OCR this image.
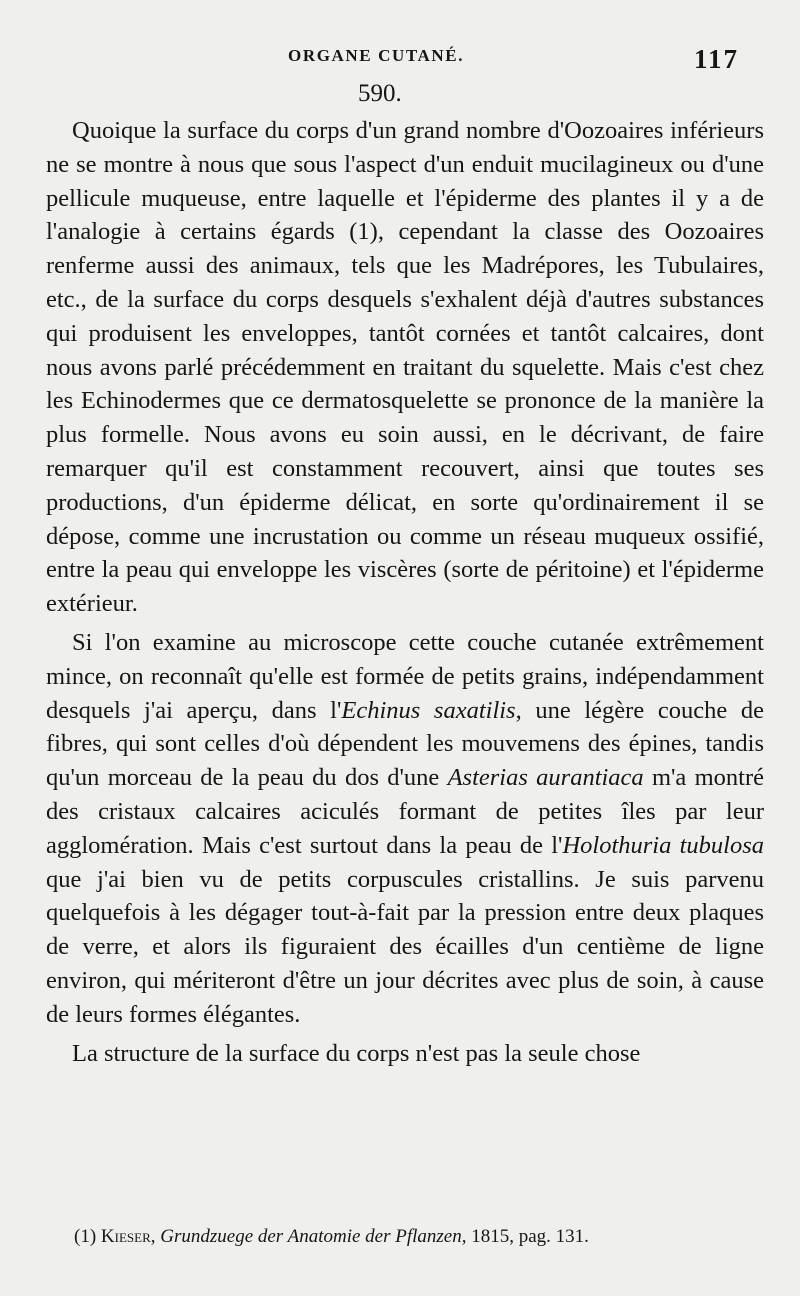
ORGANE CUTANÉ.	117
590.

Quoique la surface du corps d'un grand nombre d'Oozoaires inférieurs ne se montre à nous que sous l'aspect d'un enduit mucilagineux ou d'une pellicule muqueuse, entre laquelle et l'épiderme des plantes il y a de l'analogie à certains égards (1), cependant la classe des Oozoaires renferme aussi des animaux, tels que les Madrépores, les Tubulaires, etc., de la surface du corps desquels s'exhalent déjà d'autres substances qui produisent les enveloppes, tantôt cornées et tantôt calcaires, dont nous avons parlé précédemment en traitant du squelette. Mais c'est chez les Echinodermes que ce dermatosquelette se prononce de la manière la plus formelle. Nous avons eu soin aussi, en le décrivant, de faire remarquer qu'il est constamment recouvert, ainsi que toutes ses productions, d'un épiderme délicat, en sorte qu'ordinairement il se dépose, comme une incrustation ou comme un réseau muqueux ossifié, entre la peau qui enveloppe les viscères (sorte de péritoine) et l'épiderme extérieur.

Si l'on examine au microscope cette couche cutanée extrêmement mince, on reconnaît qu'elle est formée de petits grains, indépendamment desquels j'ai aperçu, dans l'Echinus saxatilis, une légère couche de fibres, qui sont celles d'où dépendent les mouvemens des épines, tandis qu'un morceau de la peau du dos d'une Asterias aurantiaca m'a montré des cristaux calcaires aciculés formant de petites îles par leur agglomération. Mais c'est surtout dans la peau de l'Holothuria tubulosa que j'ai bien vu de petits corpuscules cristallins. Je suis parvenu quelquefois à les dégager tout-à-fait par la pression entre deux plaques de verre, et alors ils figuraient des écailles d'un centième de ligne environ, qui mériteront d'être un jour décrites avec plus de soin, à cause de leurs formes élégantes.

La structure de la surface du corps n'est pas la seule chose

(1) Kieser, Grundzuege der Anatomie der Pflanzen, 1815, pag. 131.
